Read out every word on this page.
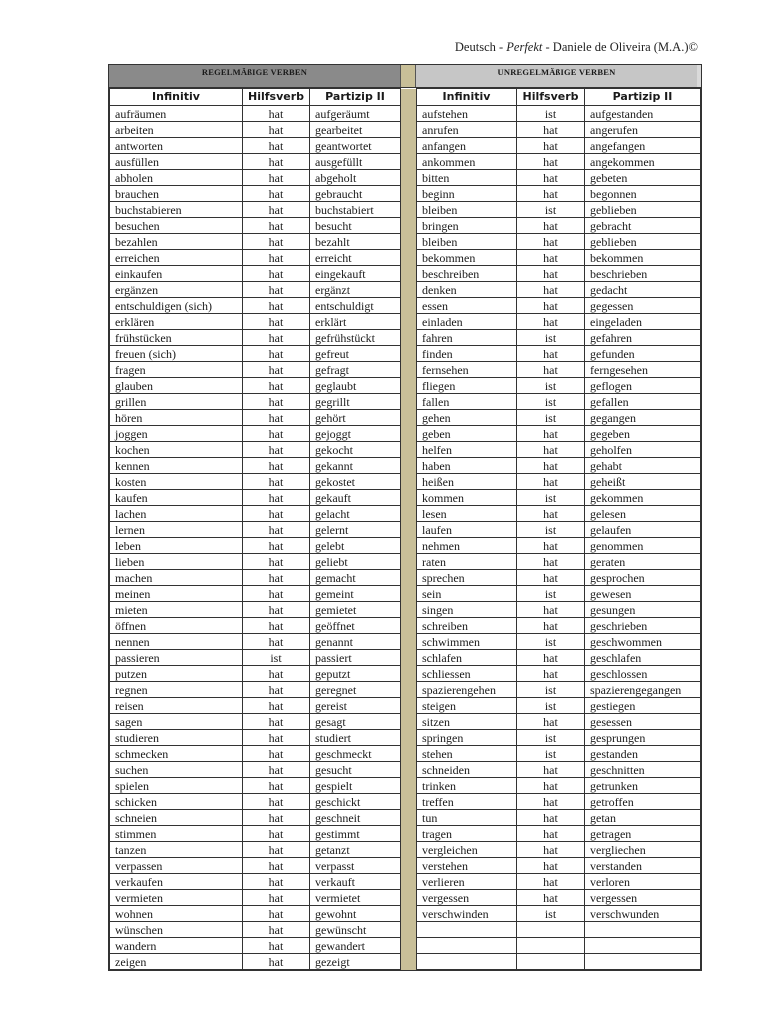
Deutsch - Perfekt - Daniele de Oliveira (M.A.)©
REGELMÄßIGE VERBEN	UNREGELMÄßIGE VERBEN
Infinitiv	Hilfsverb	Partizip II		Infinitiv	Hilfsverb	Partizip II
aufräumen	hat	aufgeräumt		aufstehen	ist	aufgestanden
arbeiten	hat	gearbeitet		anrufen	hat	angerufen
antworten	hat	geantwortet		anfangen	hat	angefangen
ausfüllen	hat	ausgefüllt		ankommen	hat	angekommen
abholen	hat	abgeholt		bitten	hat	gebeten
brauchen	hat	gebraucht		beginn	hat	begonnen
buchstabieren	hat	buchstabiert		bleiben	ist	geblieben
besuchen	hat	besucht		bringen	hat	gebracht
bezahlen	hat	bezahlt		bleiben	hat	geblieben
erreichen	hat	erreicht		bekommen	hat	bekommen
einkaufen	hat	eingekauft		beschreiben	hat	beschrieben
ergänzen	hat	ergänzt		denken	hat	gedacht
entschuldigen (sich)	hat	entschuldigt		essen	hat	gegessen
erklären	hat	erklärt		einladen	hat	eingeladen
frühstücken	hat	gefrühstückt		fahren	ist	gefahren
freuen (sich)	hat	gefreut		finden	hat	gefunden
fragen	hat	gefragt		fernsehen	hat	ferngesehen
glauben	hat	geglaubt		fliegen	ist	geflogen
grillen	hat	gegrillt		fallen	ist	gefallen
hören	hat	gehört		gehen	ist	gegangen
joggen	hat	gejoggt		geben	hat	gegeben
kochen	hat	gekocht		helfen	hat	geholfen
kennen	hat	gekannt		haben	hat	gehabt
kosten	hat	gekostet		heißen	hat	geheißt
kaufen	hat	gekauft		kommen	ist	gekommen
lachen	hat	gelacht		lesen	hat	gelesen
lernen	hat	gelernt		laufen	ist	gelaufen
leben	hat	gelebt		nehmen	hat	genommen
lieben	hat	geliebt		raten	hat	geraten
machen	hat	gemacht		sprechen	hat	gesprochen
meinen	hat	gemeint		sein	ist	gewesen
mieten	hat	gemietet		singen	hat	gesungen
öffnen	hat	geöffnet		schreiben	hat	geschrieben
nennen	hat	genannt		schwimmen	ist	geschwommen
passieren	ist	passiert		schlafen	hat	geschlafen
putzen	hat	geputzt		schliessen	hat	geschlossen
regnen	hat	geregnet		spazierengehen	ist	spazierengegangen
reisen	hat	gereist		steigen	ist	gestiegen
sagen	hat	gesagt		sitzen	hat	gesessen
studieren	hat	studiert		springen	ist	gesprungen
schmecken	hat	geschmeckt		stehen	ist	gestanden
suchen	hat	gesucht		schneiden	hat	geschnitten
spielen	hat	gespielt		trinken	hat	getrunken
schicken	hat	geschickt		treffen	hat	getroffen
schneien	hat	geschneit		tun	hat	getan
stimmen	hat	gestimmt		tragen	hat	getragen
tanzen	hat	getanzt		vergleichen	hat	vergliechen
verpassen	hat	verpasst		verstehen	hat	verstanden
verkaufen	hat	verkauft		verlieren	hat	verloren
vermieten	hat	vermietet		vergessen	hat	vergessen
wohnen	hat	gewohnt		verschwinden	ist	verschwunden
wünschen	hat	gewünscht				
wandern	hat	gewandert				
zeigen	hat	gezeigt				
